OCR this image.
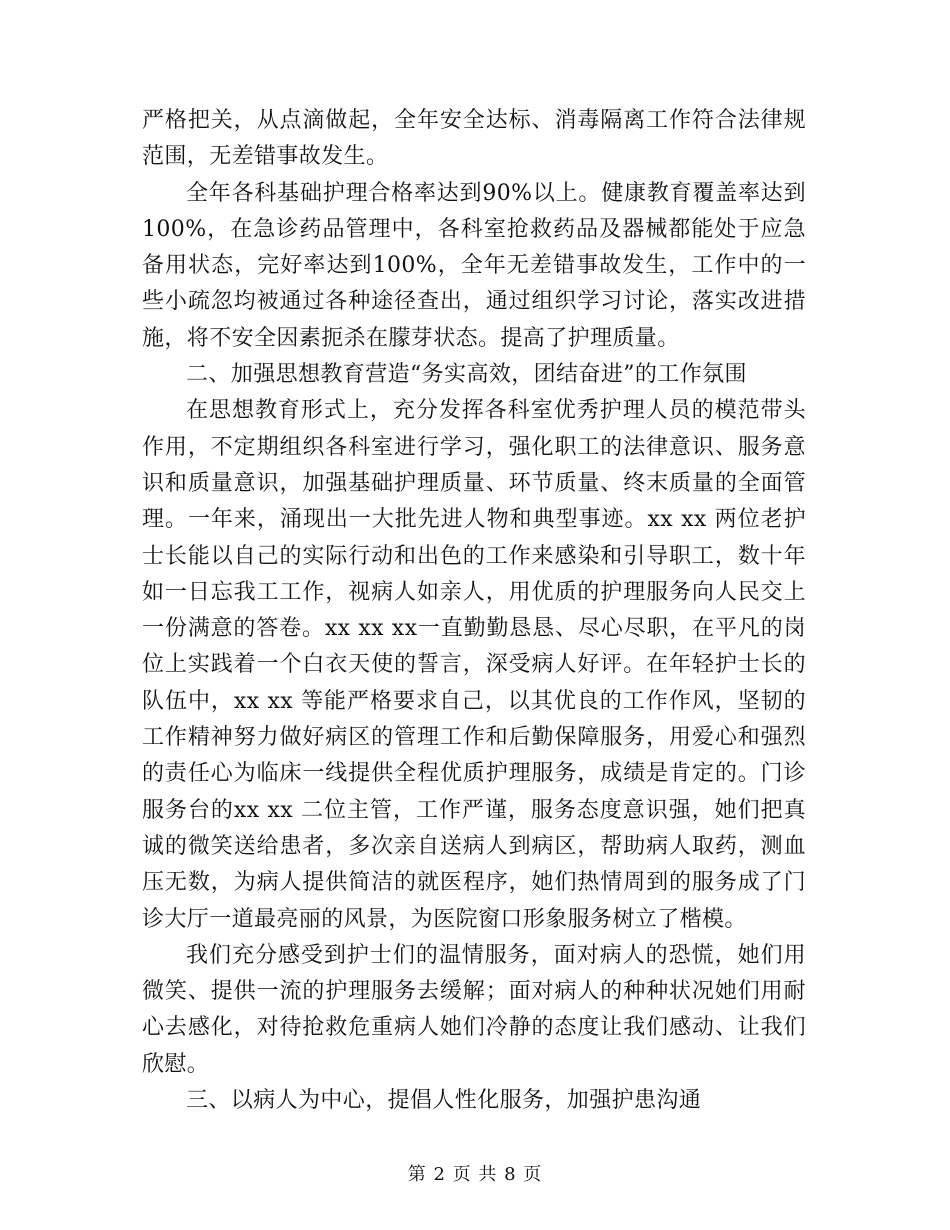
严格把关，从点滴做起，全年安全达标、消毒隔离工作符合法律规范围，无差错事故发生。

全年各科基础护理合格率达到90%以上。健康教育覆盖率达到100%，在急诊药品管理中，各科室抢救药品及器械都能处于应急备用状态，完好率达到100%，全年无差错事故发生，工作中的一些小疏忽均被通过各种途径查出，通过组织学习讨论，落实改进措施，将不安全因素扼杀在朦芽状态。提高了护理质量。

二、加强思想教育营造“务实高效，团结奋进”的工作氛围

在思想教育形式上，充分发挥各科室优秀护理人员的模范带头作用，不定期组织各科室进行学习，强化职工的法律意识、服务意识和质量意识，加强基础护理质量、环节质量、终末质量的全面管理。一年来，涌现出一大批先进人物和典型事迹。xx xx 两位老护士长能以自己的实际行动和出色的工作来感染和引导职工，数十年如一日忘我工工作，视病人如亲人，用优质的护理服务向人民交上一份满意的答卷。xx xx xx一直勤勤恳恳、尽心尽职，在平凡的岗位上实践着一个白衣天使的誓言，深受病人好评。在年轻护士长的队伍中，xx xx 等能严格要求自己，以其优良的工作作风，坚韧的工作精神努力做好病区的管理工作和后勤保障服务，用爱心和强烈的责任心为临床一线提供全程优质护理服务，成绩是肯定的。门诊服务台的xx xx 二位主管，工作严谨，服务态度意识强，她们把真诚的微笑送给患者，多次亲自送病人到病区，帮助病人取药，测血压无数，为病人提供简洁的就医程序，她们热情周到的服务成了门诊大厅一道最亮丽的风景，为医院窗口形象服务树立了楷模。

我们充分感受到护士们的温情服务，面对病人的恐慌，她们用微笑、提供一流的护理服务去缓解；面对病人的种种状况她们用耐心去感化，对待抢救危重病人她们冷静的态度让我们感动、让我们欣慰。

三、以病人为中心，提倡人性化服务，加强护患沟通

第 2 页 共 8 页
